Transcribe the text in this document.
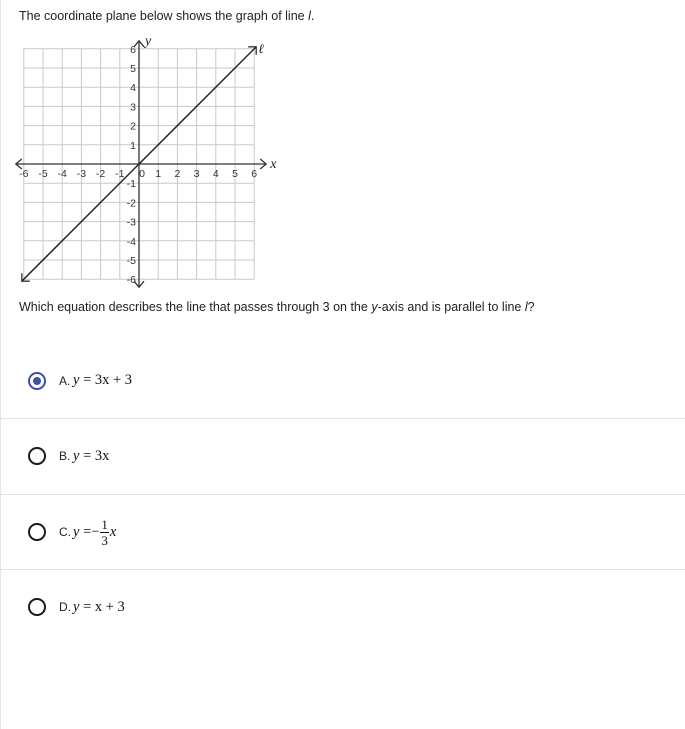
The coordinate plane below shows the graph of line l.
-6 -5 -4 -3 -2 -1 0 1 2 3 4 5 6
6
5
4
3
2
1
-1
-2
-3
-4
-5
-6
x
y	ℓ
Which equation describes the line that passes through 3 on the y-axis and is parallel to line l?
A. y = 3x + 3
B. y = 3x
C. $y =- \frac{1}{3}$ x
D. y = x + 3
